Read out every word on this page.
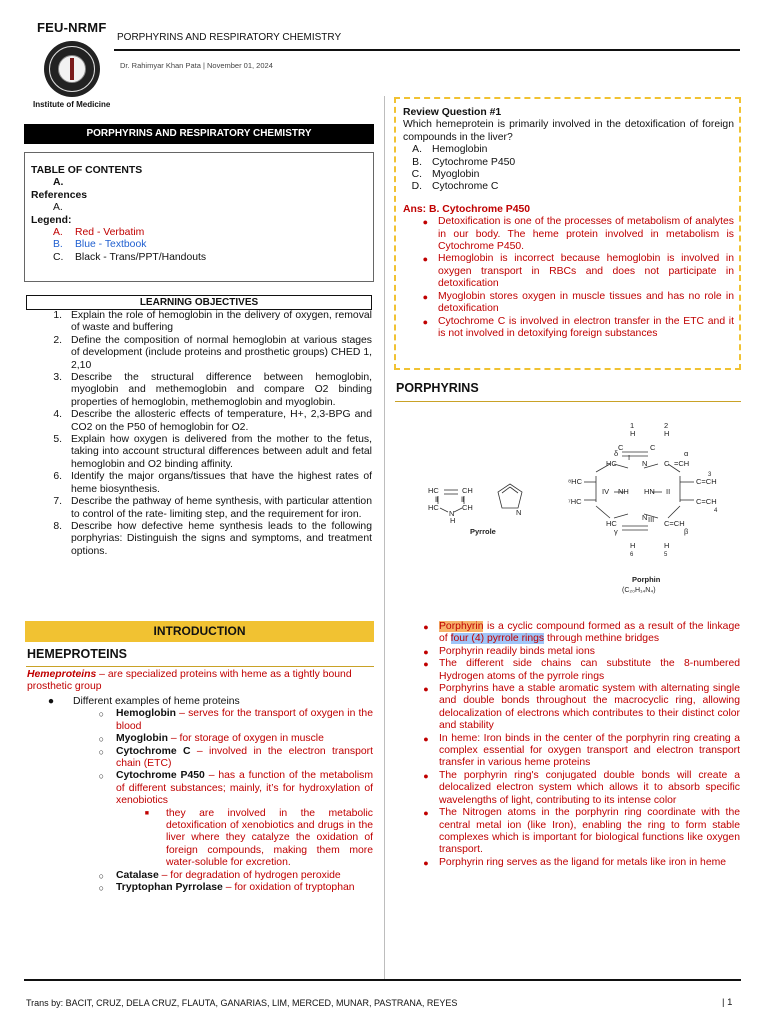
FEU-NRMF
Institute of Medicine
PORPHYRINS AND RESPIRATORY CHEMISTRY
Dr. Rahimyar Khan Pata | November 01, 2024
PORPHYRINS AND RESPIRATORY CHEMISTRY
TABLE OF CONTENTS
A.
References
A.
Legend:
A.	Red - Verbatim
B.	Blue - Textbook
C.	Black - Trans/PPT/Handouts
LEARNING OBJECTIVES
1. Explain the role of hemoglobin in the delivery of oxygen, removal of waste and buffering
2. Define the composition of normal hemoglobin at various stages of development (include proteins and prosthetic groups) CHED 1, 2,10
3. Describe the structural difference between hemoglobin, myoglobin and methemoglobin and compare O2 binding properties of hemoglobin, methemoglobin and myoglobin.
4. Describe the allosteric effects of temperature, H+, 2,3-BPG and CO2 on the P50 of hemoglobin for O2.
5. Explain how oxygen is delivered from the mother to the fetus, taking into account structural differences between adult and fetal hemoglobin and O2 binding affinity.
6. Identify the major organs/tissues that have the highest rates of heme biosynthesis.
7. Describe the pathway of heme synthesis, with particular attention to control of the rate- limiting step, and the requirement for iron.
8. Describe how defective heme synthesis leads to the following porphyrias: Distinguish the signs and symptoms, and treatment options.
INTRODUCTION
HEMEPROTEINS
Hemeproteins – are specialized proteins with heme as a tightly bound prosthetic group
●	Different examples of heme proteins
○	Hemoglobin – serves for the transport of oxygen in the blood
○	Myoglobin – for storage of oxygen in muscle
○	Cytochrome C – involved in the electron transport chain (ETC)
○	Cytochrome P450 – has a function of the metabolism of different substances; mainly, it’s for hydroxylation of xenobiotics
■	they are involved in the metabolic detoxification of xenobiotics and drugs in the liver where they catalyze the oxidation of foreign compounds, making them more water-soluble for excretion.
○	Catalase – for degradation of hydrogen peroxide
○	Tryptophan Pyrrolase – for oxidation of tryptophan
Review Question #1
Which hemeprotein is primarily involved in the detoxification of foreign compounds in the liver?
A. Hemoglobin
B. Cytochrome P450
C. Myoglobin
D. Cytochrome C
Ans: B. Cytochrome P450
● Detoxification is one of the processes of metabolism of analytes in our body. The heme protein involved in metabolism is Cytochrome P450.
● Hemoglobin is incorrect because hemoglobin is involved in oxygen transport in RBCs and does not participate in detoxification
● Myoglobin stores oxygen in muscle tissues and has no role in detoxification
● Cytochrome C is involved in electron transfer in the ETC and it is not involved in detoxifying foreign substances
PORPHYRINS
HC	CH
‖	‖
HC	CH
N
H
N
Pyrrole
1	2
H	H
C	C
HC	N C =CH
δ	α
I
⁸HC	C=CH
3
IV NH HN II
⁷HC	C=CH
4
HC
N
C=CH
γ	β
III
H	H
6	5
Porphin
(C₂₀H₁₄N₄)
● Porphyrin is a cyclic compound formed as a result of the linkage of four (4) pyrrole rings through methine bridges
● Porphyrin readily binds metal ions
● The different side chains can substitute the 8-numbered Hydrogen atoms of the pyrrole rings
● Porphyrins have a stable aromatic system with alternating single and double bonds throughout the macrocyclic ring, allowing delocalization of electrons which contributes to their distinct color and stability
● In heme: Iron binds in the center of the porphyrin ring creating a complex essential for oxygen transport and electron transport transfer in various heme proteins
● The porphyrin ring's conjugated double bonds will create a delocalized electron system which allows it to absorb specific wavelengths of light, contributing to its intense color
● The Nitrogen atoms in the porphyrin ring coordinate with the central metal ion (like Iron), enabling the ring to form stable complexes which is important for biological functions like oxygen transport.
● Porphyrin ring serves as the ligand for metals like iron in heme
Trans by: BACIT, CRUZ, DELA CRUZ, FLAUTA, GANARIAS, LIM, MERCED, MUNAR, PASTRANA, REYES	| 1
